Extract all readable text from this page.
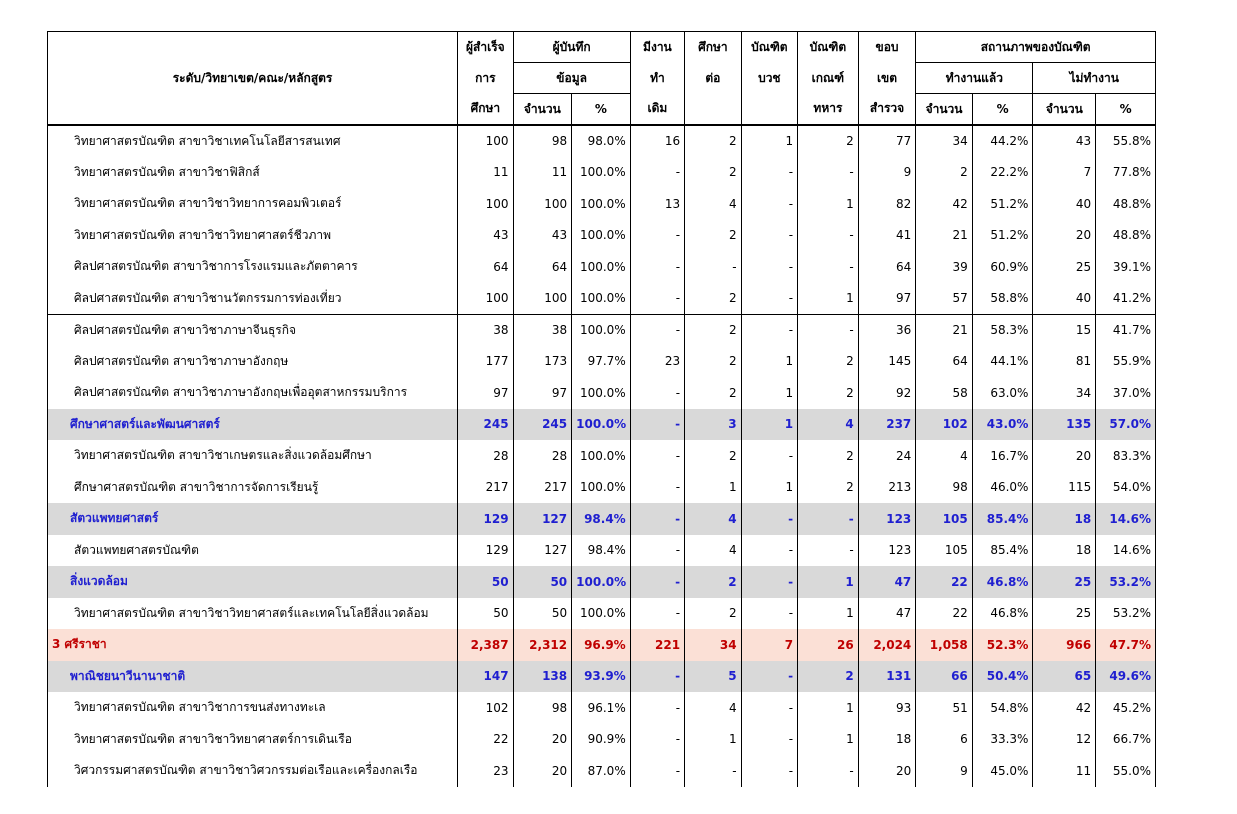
ระดับ/วิทยาเขต/คณะ/หลักสูตร	ผู้สำเร็จ	ผู้บันทึก		มีงาน	ศึกษา	บัณฑิต	บัณฑิต	ขอบ	สถานภาพของบัณฑิต			
	การ	ข้อมูล		ทำ	ต่อ	บวช	เกณฑ์	เขต	ทำงานแล้ว		ไม่ทำงาน	
	ศึกษา	จำนวน	%	เดิม			ทหาร	สำรวจ	จำนวน	%	จำนวน	%
วิทยาศาสตรบัณฑิต สาขาวิชาเทคโนโลยีสารสนเทศ	100	98	98.0%	16	2	1	2	77	34	44.2%	43	55.8%
วิทยาศาสตรบัณฑิต สาขาวิชาฟิสิกส์	11	11	100.0%	-	2	-	-	9	2	22.2%	7	77.8%
วิทยาศาสตรบัณฑิต สาขาวิชาวิทยาการคอมพิวเตอร์	100	100	100.0%	13	4	-	1	82	42	51.2%	40	48.8%
วิทยาศาสตรบัณฑิต สาขาวิชาวิทยาศาสตร์ชีวภาพ	43	43	100.0%	-	2	-	-	41	21	51.2%	20	48.8%
ศิลปศาสตรบัณฑิต สาขาวิชาการโรงแรมและภัตตาคาร	64	64	100.0%	-	-	-	-	64	39	60.9%	25	39.1%
ศิลปศาสตรบัณฑิต สาขาวิชานวัตกรรมการท่องเที่ยว	100	100	100.0%	-	2	-	1	97	57	58.8%	40	41.2%
ศิลปศาสตรบัณฑิต สาขาวิชาภาษาจีนธุรกิจ	38	38	100.0%	-	2	-	-	36	21	58.3%	15	41.7%
ศิลปศาสตรบัณฑิต สาขาวิชาภาษาอังกฤษ	177	173	97.7%	23	2	1	2	145	64	44.1%	81	55.9%
ศิลปศาสตรบัณฑิต สาขาวิชาภาษาอังกฤษเพื่ออุตสาหกรรมบริการ	97	97	100.0%	-	2	1	2	92	58	63.0%	34	37.0%
ศึกษาศาสตร์และพัฒนศาสตร์	245	245	100.0%	-	3	1	4	237	102	43.0%	135	57.0%
วิทยาศาสตรบัณฑิต สาขาวิชาเกษตรและสิ่งแวดล้อมศึกษา	28	28	100.0%	-	2	-	2	24	4	16.7%	20	83.3%
ศึกษาศาสตรบัณฑิต สาขาวิชาการจัดการเรียนรู้	217	217	100.0%	-	1	1	2	213	98	46.0%	115	54.0%
สัตวแพทยศาสตร์	129	127	98.4%	-	4	-	-	123	105	85.4%	18	14.6%
สัตวแพทยศาสตรบัณฑิต	129	127	98.4%	-	4	-	-	123	105	85.4%	18	14.6%
สิ่งแวดล้อม	50	50	100.0%	-	2	-	1	47	22	46.8%	25	53.2%
วิทยาศาสตรบัณฑิต สาขาวิชาวิทยาศาสตร์และเทคโนโลยีสิ่งแวดล้อม	50	50	100.0%	-	2	-	1	47	22	46.8%	25	53.2%
3 ศรีราชา	2,387	2,312	96.9%	221	34	7	26	2,024	1,058	52.3%	966	47.7%
พาณิชยนาวีนานาชาติ	147	138	93.9%	-	5	-	2	131	66	50.4%	65	49.6%
วิทยาศาสตรบัณฑิต สาขาวิชาการขนส่งทางทะเล	102	98	96.1%	-	4	-	1	93	51	54.8%	42	45.2%
วิทยาศาสตรบัณฑิต สาขาวิชาวิทยาศาสตร์การเดินเรือ	22	20	90.9%	-	1	-	1	18	6	33.3%	12	66.7%
วิศวกรรมศาสตรบัณฑิต สาขาวิชาวิศวกรรมต่อเรือและเครื่องกลเรือ	23	20	87.0%	-	-	-	-	20	9	45.0%	11	55.0%
